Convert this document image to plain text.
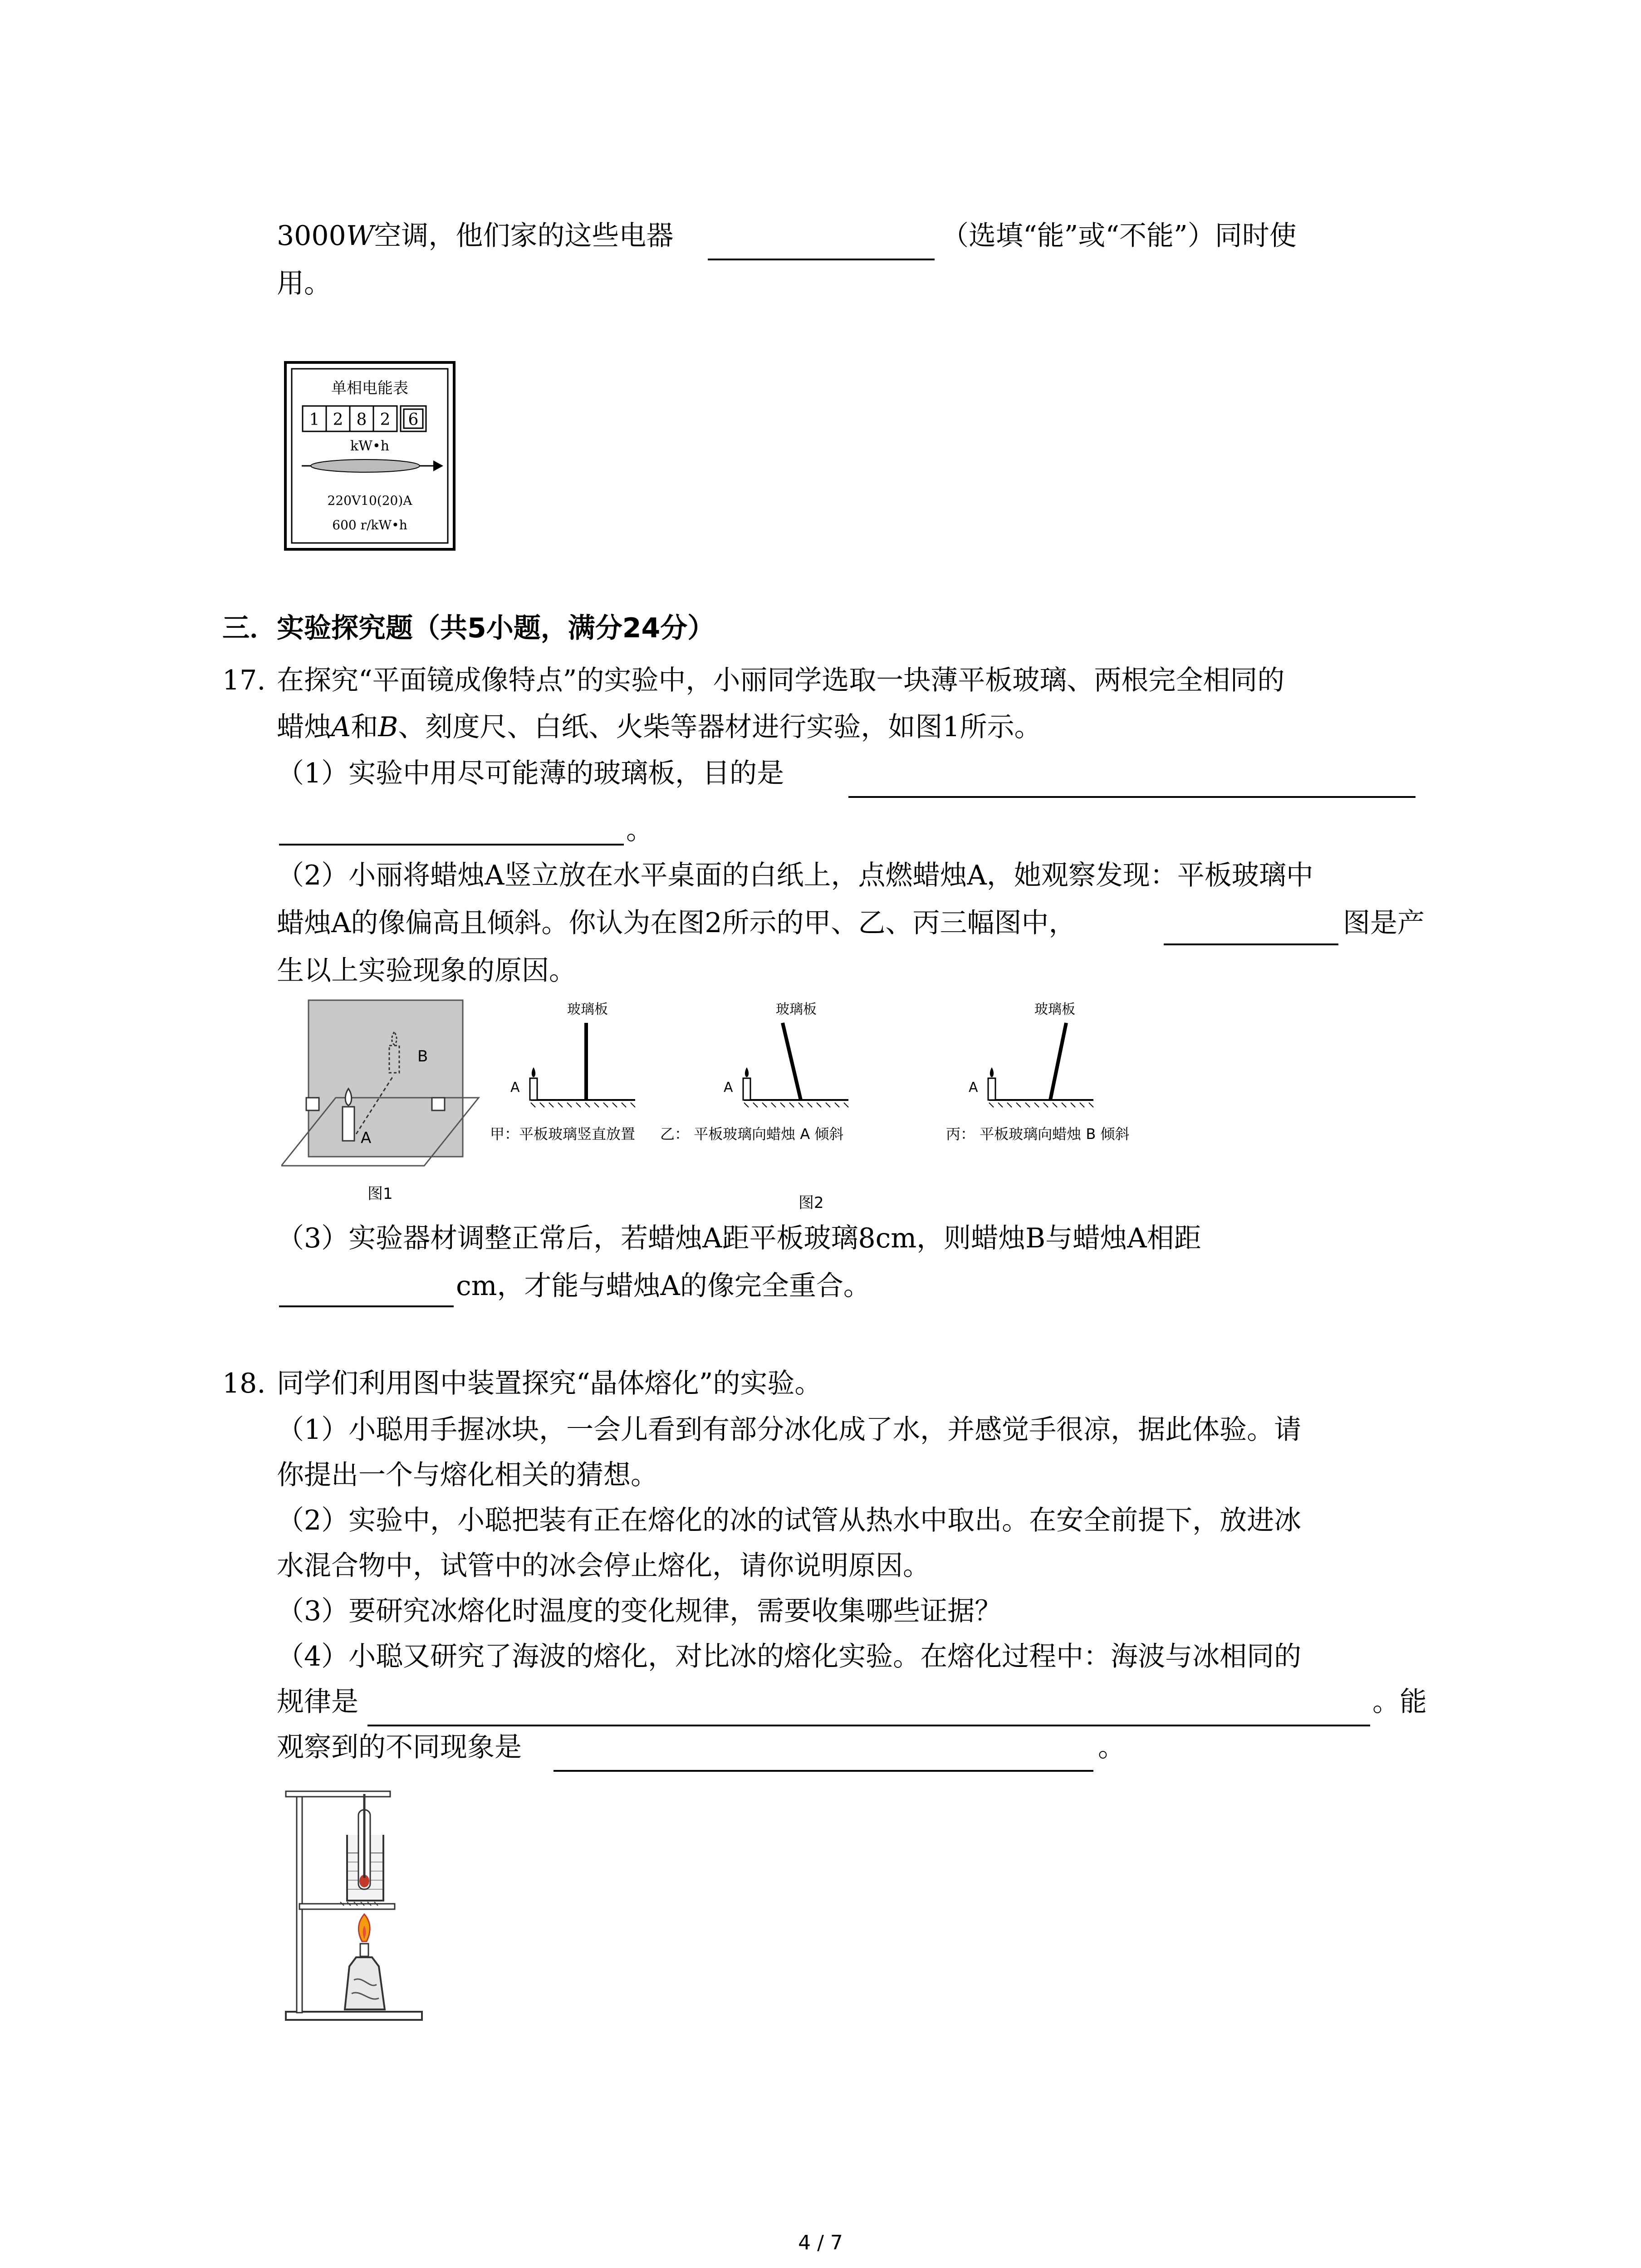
3000W空调，他们家的这些电器	（选填“能”或“不能”）同时使
用。
单相电能表
1 2 8 2 6
kW•h
220V10(20)A
600 r/kW•h
三．实验探究题（共5小题，满分24分）
17. 在探究“平面镜成像特点”的实验中，小丽同学选取一块薄平板玻璃、两根完全相同的
蜡烛A和B、刻度尺、白纸、火柴等器材进行实验，如图1所示。
（1）实验中用尽可能薄的玻璃板，目的是
。
（2）小丽将蜡烛A竖立放在水平桌面的白纸上，点燃蜡烛A，她观察发现：平板玻璃中
蜡烛A的像偏高且倾斜。你认为在图2所示的甲、乙、丙三幅图中，	图是产
生以上实验现象的原因。
A
B
图1
玻璃板
A
甲：平板玻璃竖直放置
玻璃板
A
乙： 平板玻璃向蜡烛 A 倾斜
玻璃板
A
丙： 平板玻璃向蜡烛 B 倾斜
图2
（3）实验器材调整正常后，若蜡烛A距平板玻璃8cm，则蜡烛B与蜡烛A相距
cm，才能与蜡烛A的像完全重合。
18. 同学们利用图中装置探究“晶体熔化”的实验。
（1）小聪用手握冰块，一会儿看到有部分冰化成了水，并感觉手很凉，据此体验。请
你提出一个与熔化相关的猜想。
（2）实验中，小聪把装有正在熔化的冰的试管从热水中取出。在安全前提下，放进冰
水混合物中，试管中的冰会停止熔化，请你说明原因。
（3）要研究冰熔化时温度的变化规律，需要收集哪些证据？
（4）小聪又研究了海波的熔化，对比冰的熔化实验。在熔化过程中：海波与冰相同的
规律是	。能
观察到的不同现象是	。
4 / 7
